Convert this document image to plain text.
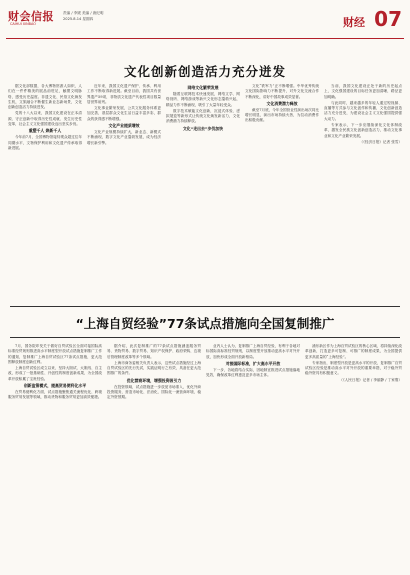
财会信报
CAIHUI XINBAO
责编 / 李媛 美编 / 唐纪明
2025.8.14 星期四	财经 07
文化创新创造活力充分迸发

据文化部数据，各大博物馆游人如织，人们在一件件精美的展品前驻足，触摸文明脉络，感受历史温度。非遗文化、民俗文化焕发生机，文旅融合不断催生新业态新场景，文化创新创造活力持续迸发。

党的十八大以来，我国文化建设在正本清源、守正创新中取得历史性成就、发生历史性变革，社会主义文化强国建设迈出坚实步伐。

重塑千人 焕新千人

今年前7月，全国博物馆接待观众超过往年同期水平，文物保护利用和文化遗产传承取得新进展。

近年来，我国文化遗产保护、传承、利用工作不断取得新进展。截至目前，我国共有世界遗产59项，非物质文化遗产代表性项目数量居世界前列。

文化事业繁荣发展，公共文化服务体系更加完善，基层群众文化生活日益丰富多彩，群众的获得感不断增强。

文化产业提质增效

文化产业规模持续扩大，新业态、新模式不断涌现，数字文化产业蓬勃发展，成为经济增长新引擎。

网络文化繁荣发展

随着互联网技术快速发展，网络文学、网络视听、网络游戏等新兴文化形态蓬勃兴起，精品力作不断涌现，吸引了大量年轻受众。

数字技术赋能文化创新，沉浸式体验、虚拟展览等新形式让传统文化焕发新活力，文化消费潜力持续释放。

文化“走出去”步伐加快

文化“铁军力”正不断增强。中华优秀传统文化国际影响力不断提升，对外文化交流合作不断深化，讲好中国故事成效显著。

文化消费潜力释放

截至7月底，今年全国营业性演出场次同比增长明显，演出市场持续火热，为拉动消费作出积极贡献。

当前，我国文化建设正处于新的历史起点上，文化强国建设的目标任务更加清晰，路径更加明确。

与此同时，越来越多的年轻人通过短视频、直播等方式参与文化创作和传播，文化创新创造活力充分迸发，为建设社会主义文化强国提供强大动力。

专家表示，下一步应继续深化文化体制改革，激发全民族文化创新创造活力，推动文化事业和文化产业繁荣发展。

（《经济日报》记者 张雪）

“上海自贸经验”77条试点措施向全国复制推广

7月，国务院印发关于做好自贸试验区全面对接国际高标准经贸规则推进高水平制度型开放试点措施复制推广工作的通知，复制推广上海自贸试验区77条试点措施，更大范围释放制度创新红利。

上海自贸试验区成立以来，坚持大胆试、大胆闯、自主改，形成了一批基础性、开创性的制度创新成果，为全国改革开放积累了宝贵经验。

创新监管模式，提高贸易便利化水平

在贸易便利化方面，试点措施聚焦通关流程优化、跨境服务贸易发展等领域，推动货物和服务贸易更加高效便捷。

据介绍，此次复制推广的77条试点措施涵盖服务贸易、货物贸易、数字贸易、知识产权保护、政府采购、边境后管理制度改革等多个领域。

上海市商务委相关负责人表示，这些试点措施经过上海自贸试验区的先行先试，实践证明行之有效，具备在更大范围推广的条件。

优化营商环境，增强投资吸引力

在投资领域，试点措施进一步放宽市场准入，优化外商投资服务，营造市场化、法治化、国际化一流营商环境，稳定外资预期。

业内人士认为，复制推广上海自贸经验，有利于各地对标国际高标准经贸规则，以制度型开放推动更高水平对外开放，加快形成全面开放新格局。

对接国际标准，扩大高水平开放

下一步，各地将结合实际，因地制宜推进试点措施落地见效，确保改革红利惠及更多市场主体。

浦东新区作为上海自贸试验区的核心区域，将持续深化改革创新，打造更多可复制、可推广的制度成果，为全国提供更多高质量的“上海经验”。

专家指出，制度型开放是更高水平的开放，复制推广自贸试验区经验是推动高水平对外开放的重要举措，对于稳外贸稳外资具有积极意义。

（《人民日报》记者 / 李丽静 / 丁家骞）
